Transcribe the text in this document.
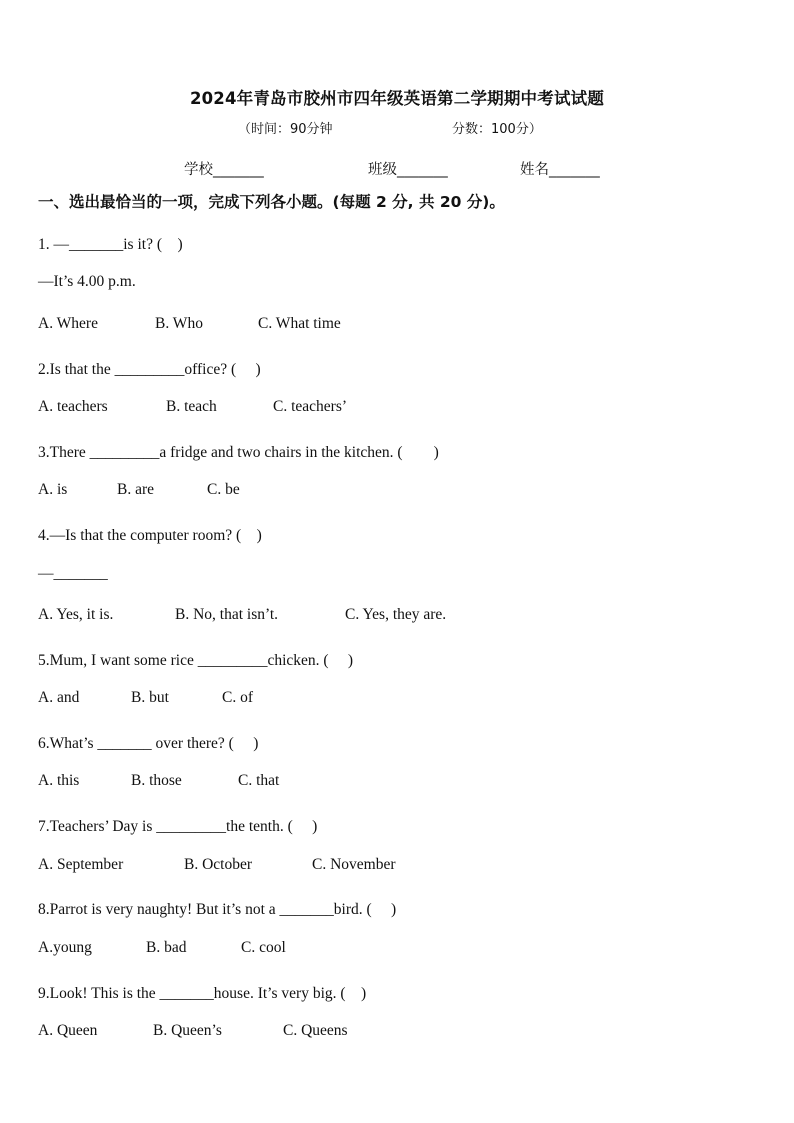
2024年青岛市胶州市四年级英语第二学期期中考试试题
（时间：90分钟	分数：100分）
学校_______	班级_______	姓名_______
一、选出最恰当的一项，完成下列各小题。(每题 2 分, 共 20 分)。
1. —_______is it? (　)
—It’s 4.00 p.m.
A. Where	B. Who	C. What time
2.Is that the _________office? (　 )
A. teachers	B. teach	C. teachers’
3.There _________a fridge and two chairs in the kitchen. (　　)
A. is	B. are	C. be
4.—Is that the computer room? (　)
—_______
A. Yes, it is.	B. No, that isn’t.	C. Yes, they are.
5.Mum, I want some rice _________chicken. (　 )
A. and	B. but	C. of
6.What’s _______ over there? (　 )
A. this	B. those	C. that
7.Teachers’ Day is _________the tenth. (　 )
A. September	B. October	C. November
8.Parrot is very naughty! But it’s not a _______bird. (　 )
A.young	B. bad	C. cool
9.Look! This is the _______house. It’s very big. (　)
A. Queen	B. Queen’s	C. Queens
